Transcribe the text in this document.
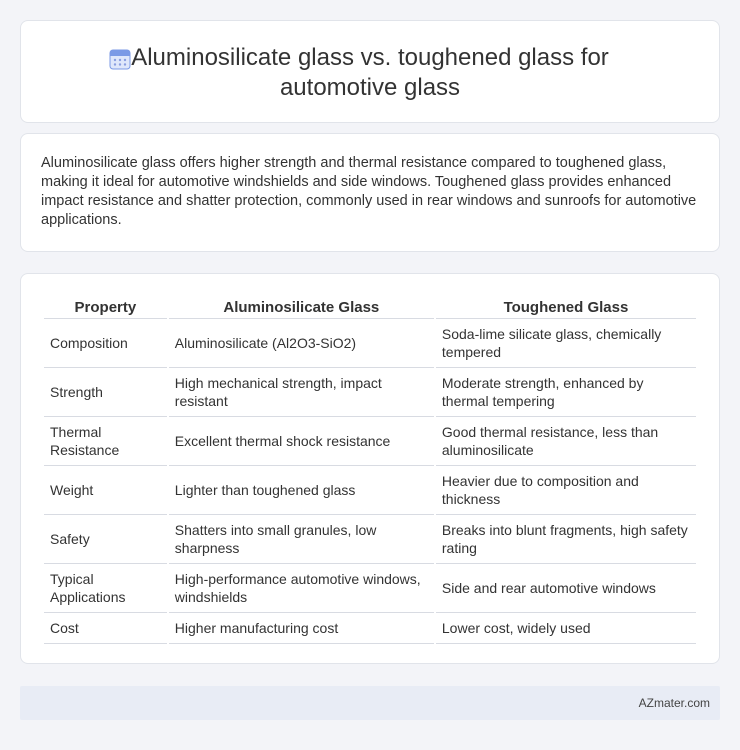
Aluminosilicate glass vs. toughened glass for
automotive glass

Aluminosilicate glass offers higher strength and thermal resistance compared to toughened glass, making it ideal for automotive windshields and side windows. Toughened glass provides enhanced impact resistance and shatter protection, commonly used in rear windows and sunroofs for automotive applications.

Property	Aluminosilicate Glass	Toughened Glass
Composition	Aluminosilicate (Al2O3-SiO2)	Soda-lime silicate glass, chemically tempered
Strength	High mechanical strength, impact resistant	Moderate strength, enhanced by thermal tempering
Thermal Resistance	Excellent thermal shock resistance	Good thermal resistance, less than aluminosilicate
Weight	Lighter than toughened glass	Heavier due to composition and thickness
Safety	Shatters into small granules, low sharpness	Breaks into blunt fragments, high safety rating
Typical Applications	High-performance automotive windows, windshields	Side and rear automotive windows
Cost	Higher manufacturing cost	Lower cost, widely used
AZmater.com
